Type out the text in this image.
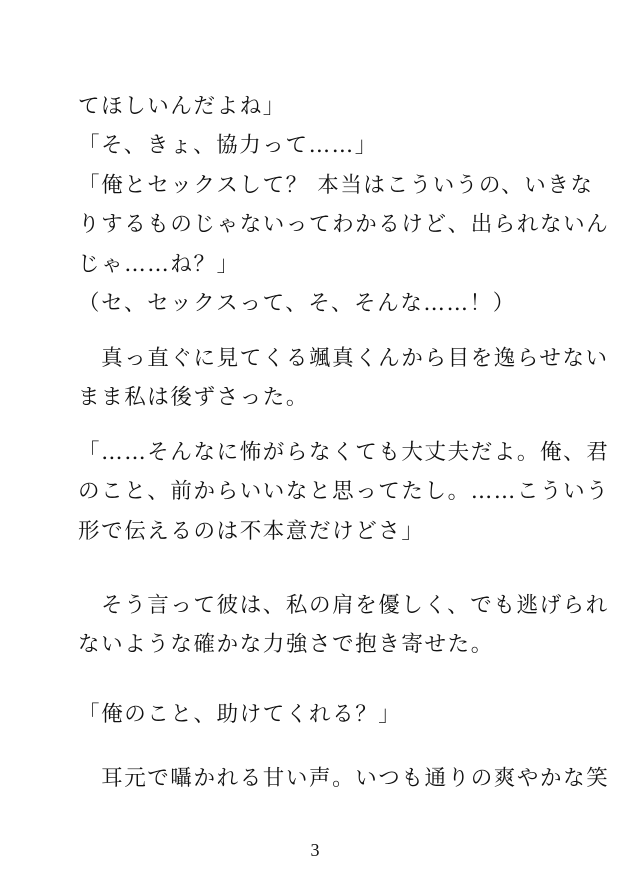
てほしいんだよね」
「そ、きょ、協力って……」
「俺とセックスして？ 本当はこういうの、いきな
りするものじゃないってわかるけど、出られないん
じゃ……ね？」
（セ、セックスって、そ、そんな……！）
　真っ直ぐに見てくる颯真くんから目を逸らせない
まま私は後ずさった。
「……そんなに怖がらなくても大丈夫だよ。俺、君
のこと、前からいいなと思ってたし。……こういう
形で伝えるのは不本意だけどさ」
　そう言って彼は、私の肩を優しく、でも逃げられ
ないような確かな力強さで抱き寄せた。
「俺のこと、助けてくれる？」
　耳元で囁かれる甘い声。いつも通りの爽やかな笑
3
